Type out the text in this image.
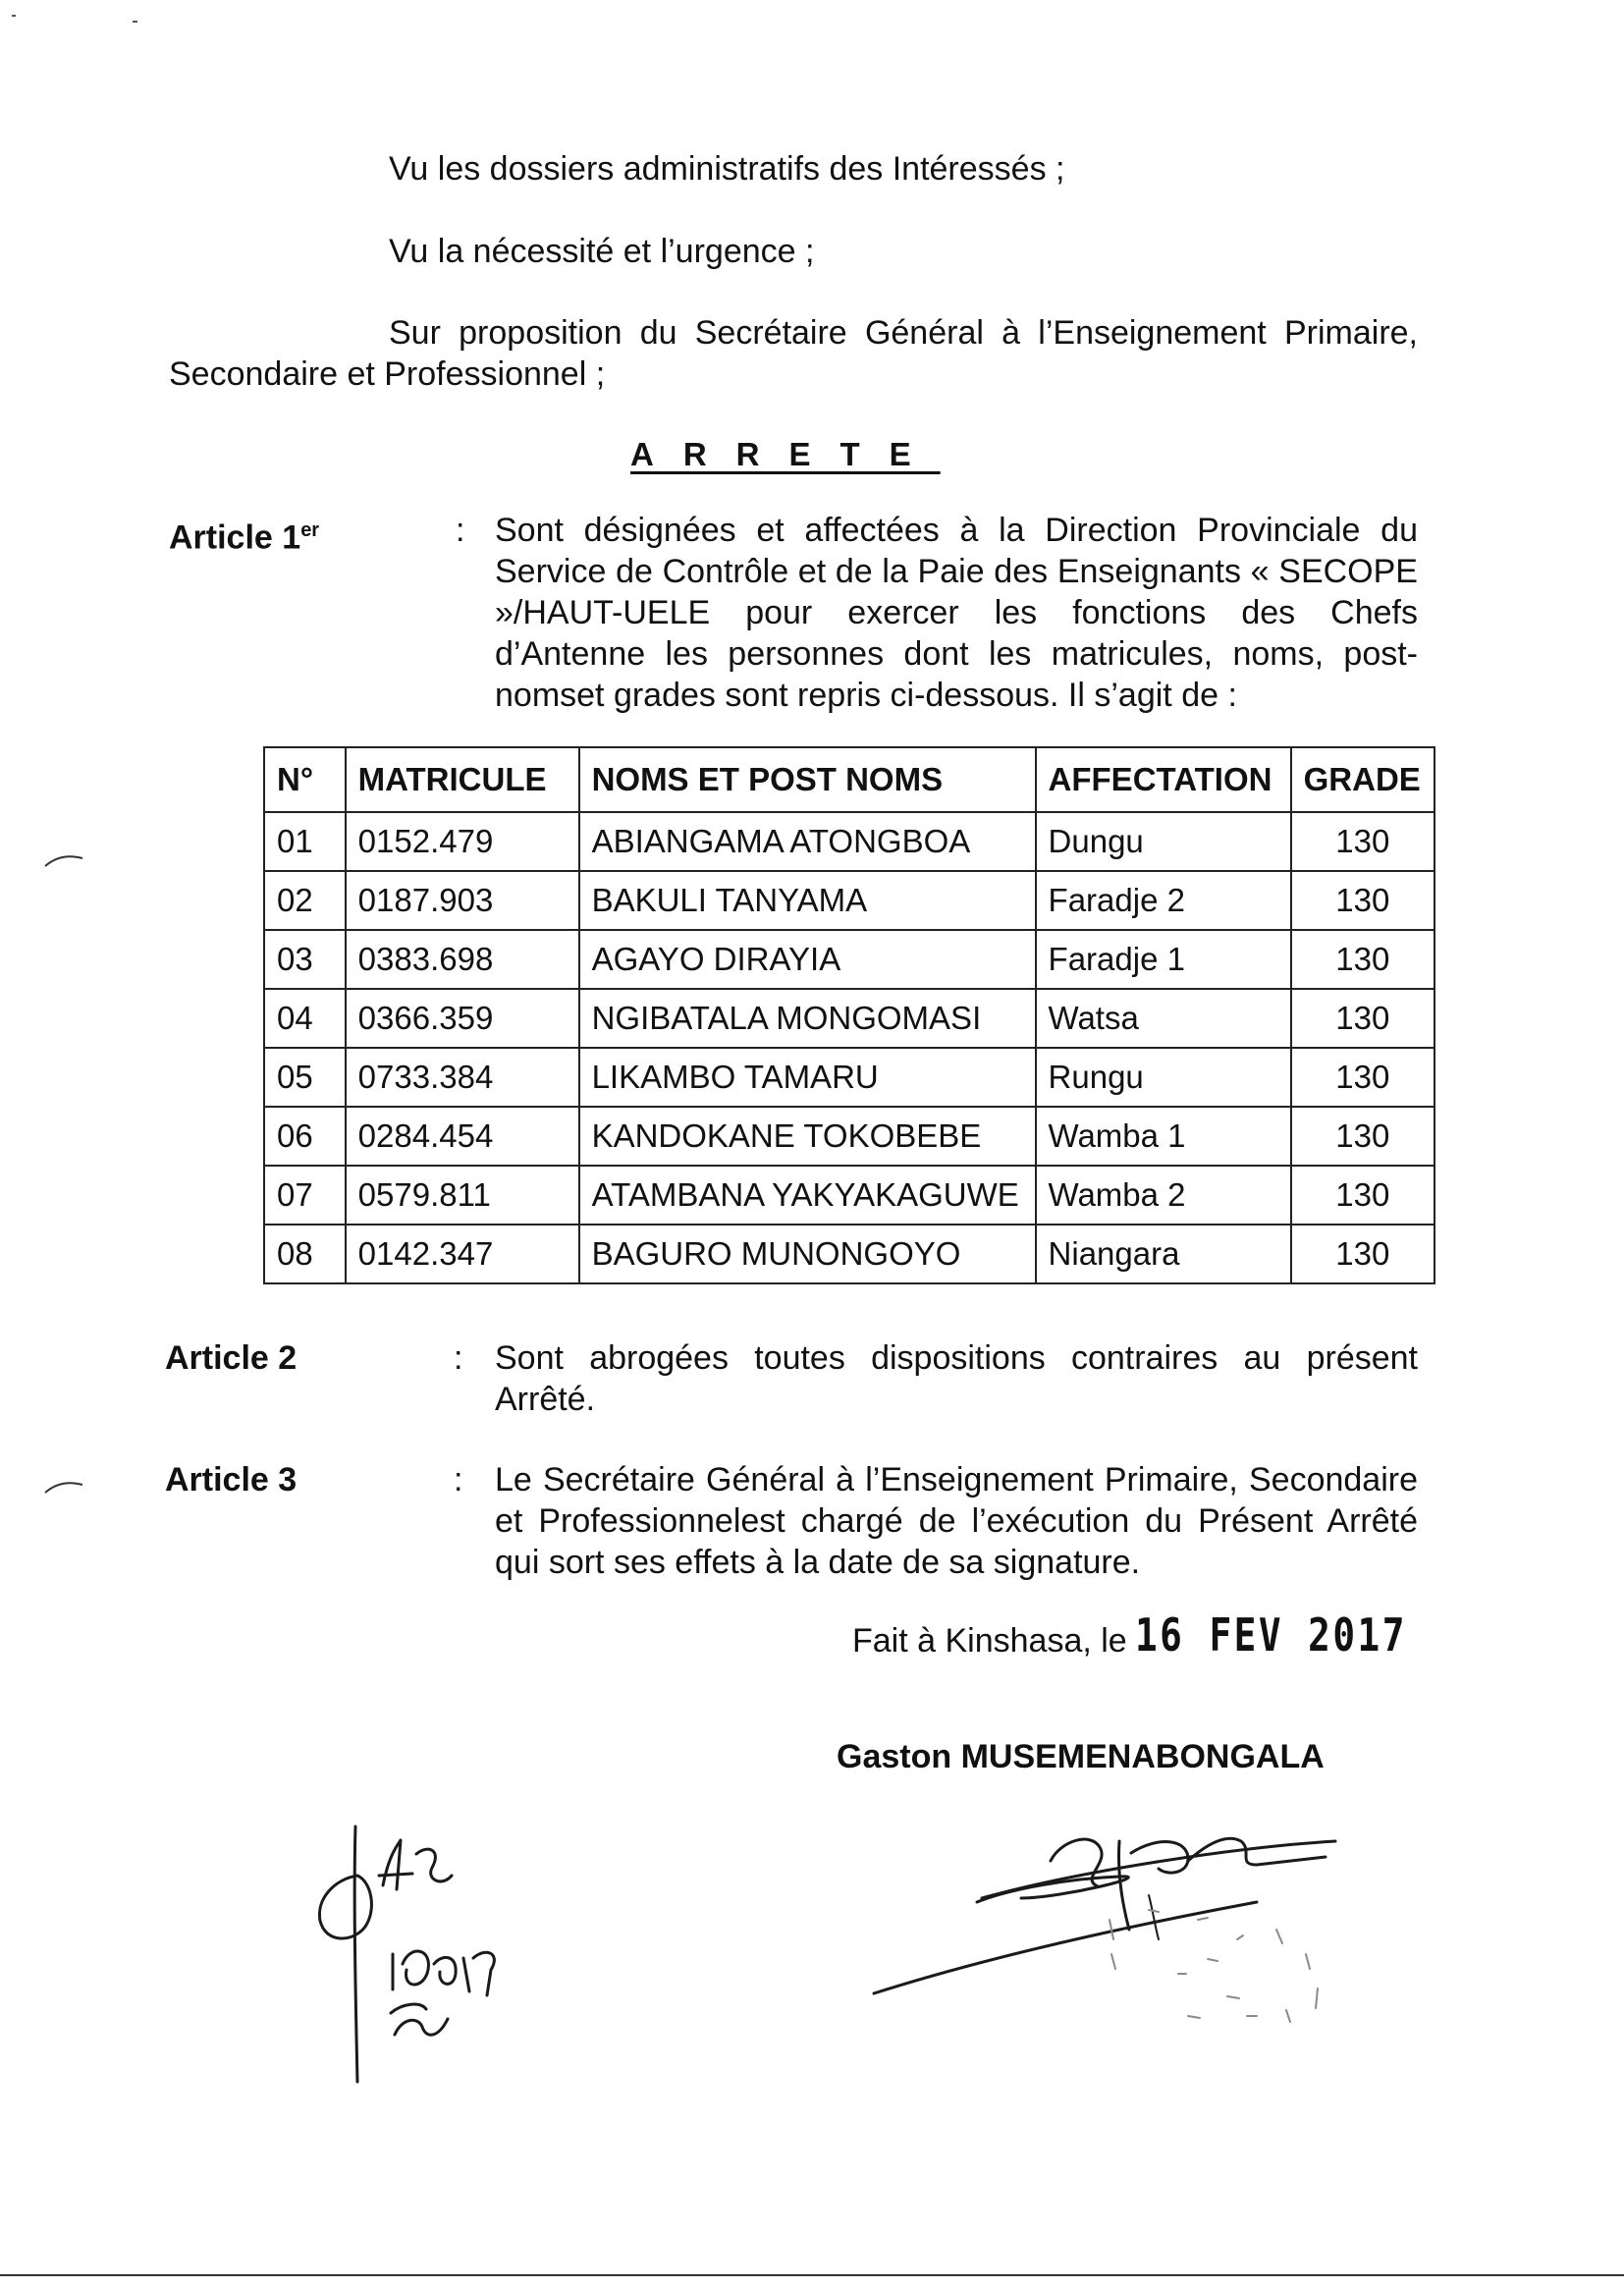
Vu les dossiers administratifs des Intéressés ;
Vu la nécessité et l’urgence ;
Sur proposition du Secrétaire Général à l’Enseignement Primaire, Secondaire et Professionnel ;
ARRETE
Article 1er	: Sont désignées et affectées à la Direction Provinciale du Service de Contrôle et de la Paie des Enseignants « SECOPE »/HAUT-UELE pour exercer les fonctions des Chefs d’Antenne les personnes dont les matricules, noms, post-nomset grades sont repris ci-dessous. Il s’agit de :
N°	MATRICULE	NOMS ET POST NOMS	AFFECTATION	GRADE
01	0152.479	ABIANGAMA ATONGBOA	Dungu	130
02	0187.903	BAKULI TANYAMA	Faradje 2	130
03	0383.698	AGAYO DIRAYIA	Faradje 1	130
04	0366.359	NGIBATALA MONGOMASI	Watsa	130
05	0733.384	LIKAMBO TAMARU	Rungu	130
06	0284.454	KANDOKANE TOKOBEBE	Wamba 1	130
07	0579.811	ATAMBANA YAKYAKAGUWE	Wamba 2	130
08	0142.347	BAGURO MUNONGOYO	Niangara	130
Article 2	: Sont abrogées toutes dispositions contraires au présent Arrêté.
Article 3	: Le Secrétaire Général à l’Enseignement Primaire, Secondaire et Professionnelest chargé de l’exécution du Présent Arrêté qui sort ses effets à la date de sa signature.
Fait à Kinshasa, le 16 FEV 2017
Gaston MUSEMENABONGALA
